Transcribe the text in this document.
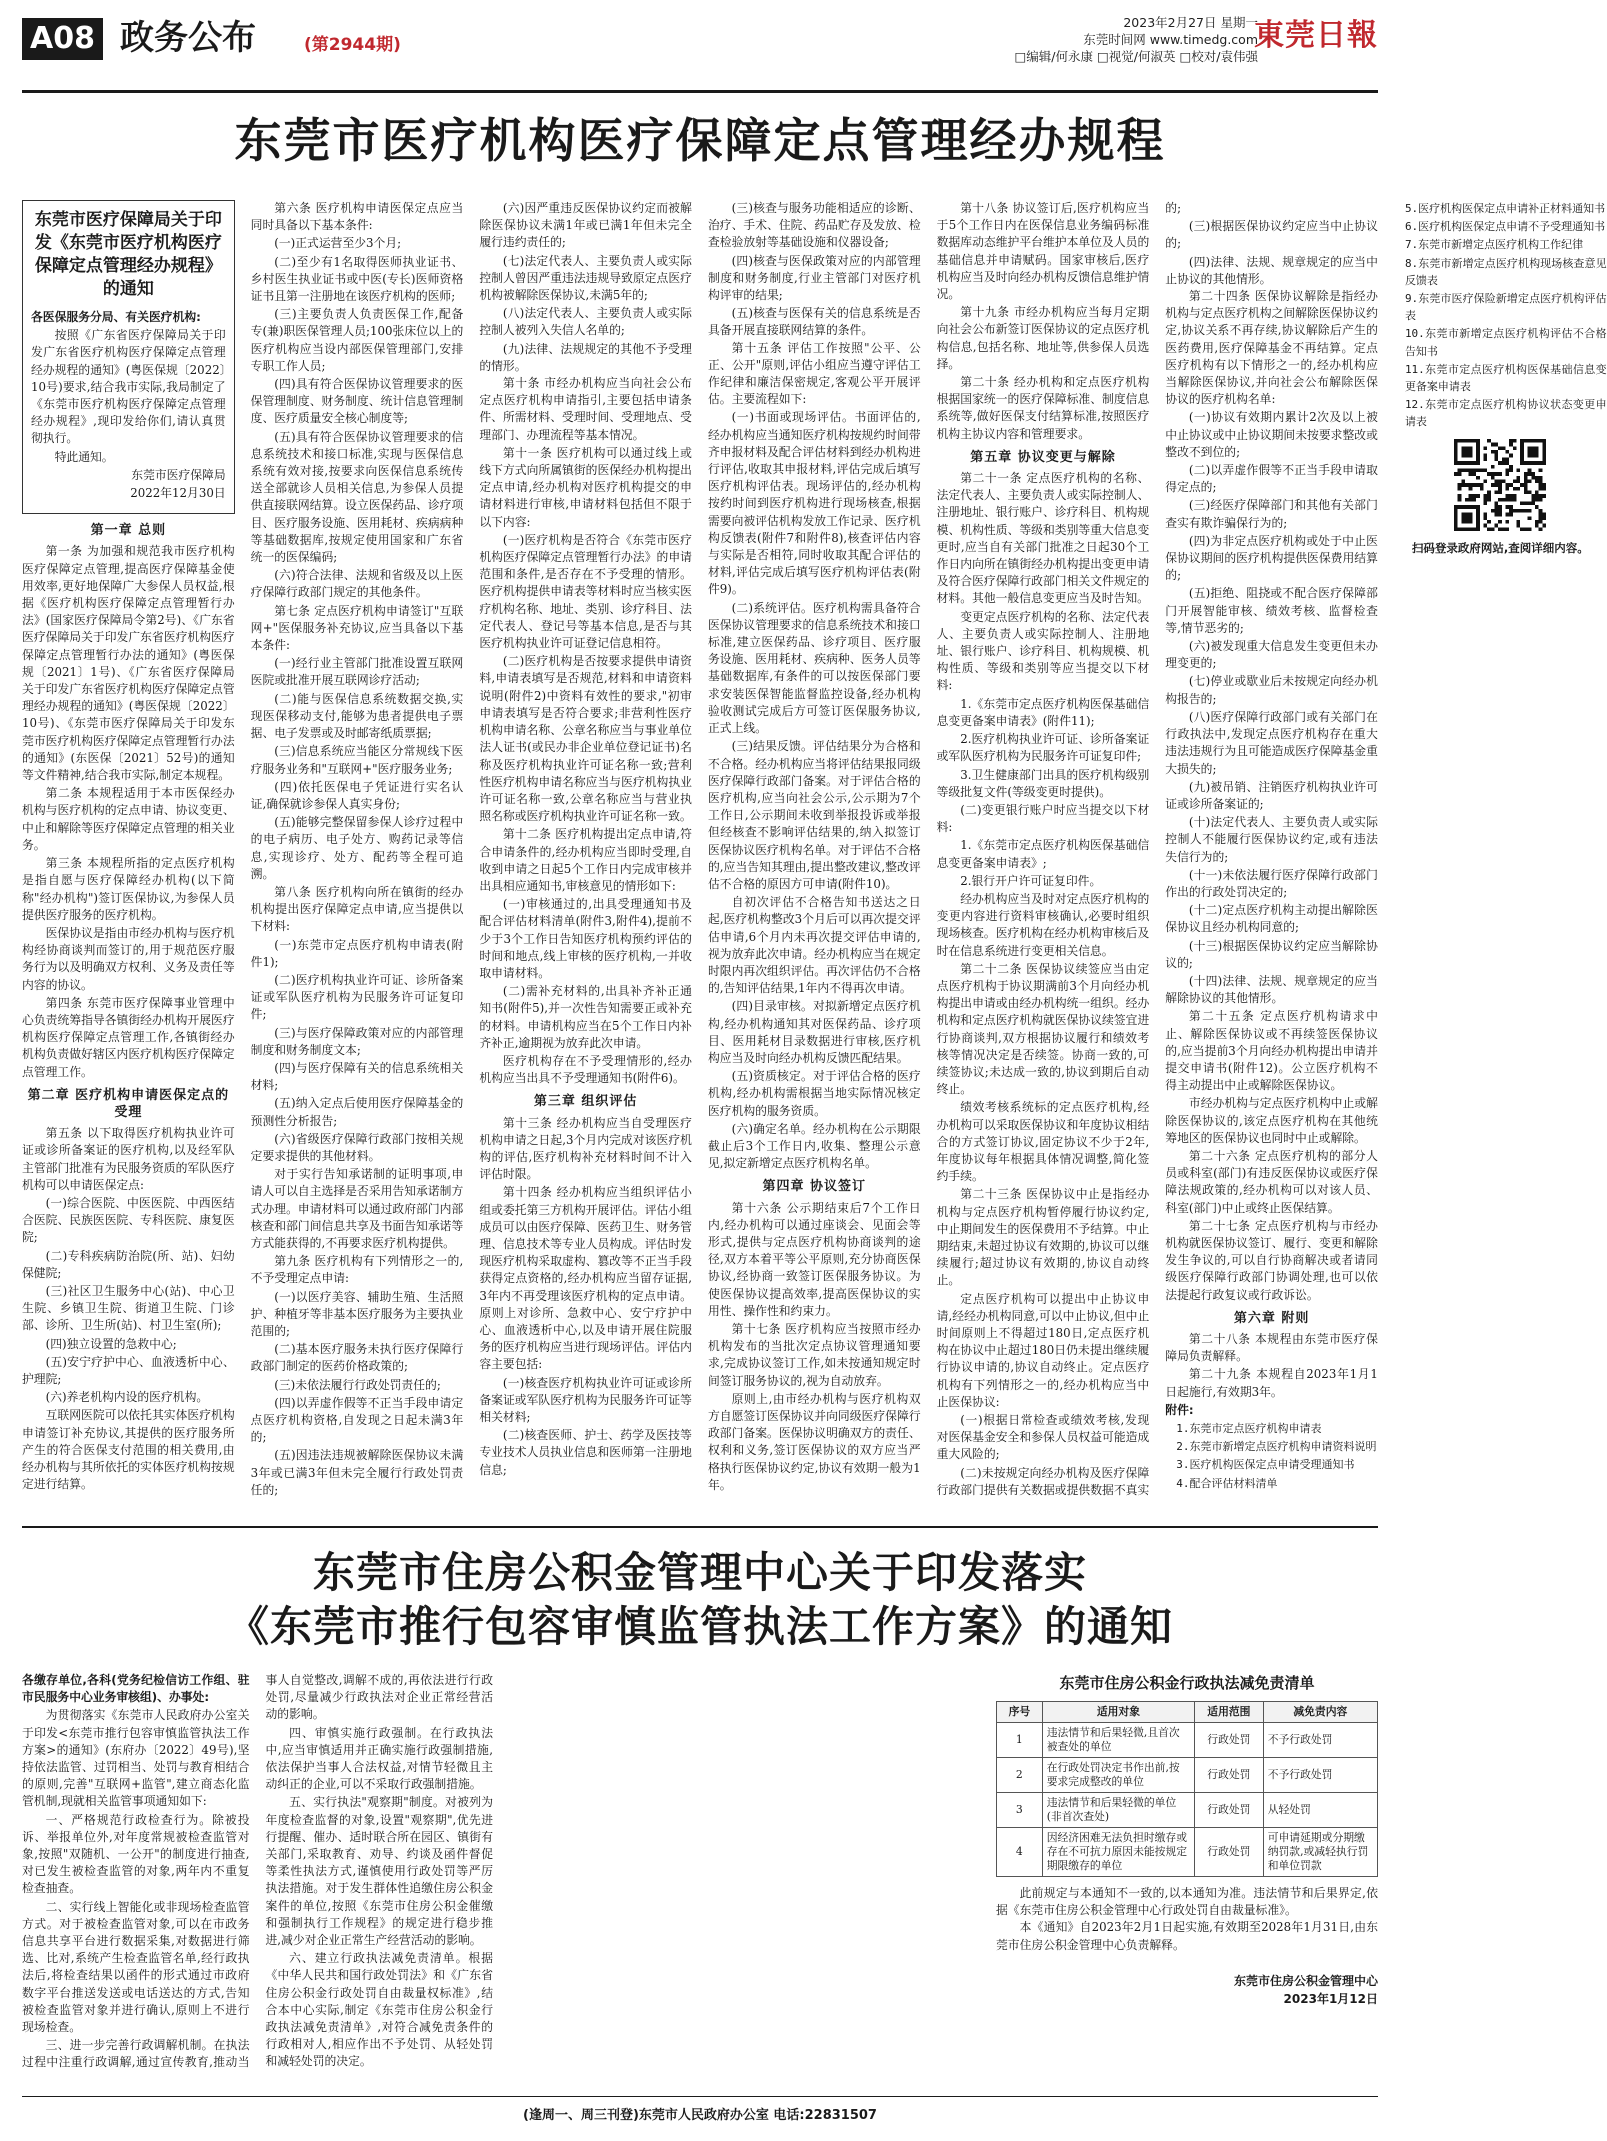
A08 政务公布	(第2944期)
2023年2月27日 星期一
东莞时间网 www.timedg.com
□编辑/何永康 □视觉/何淑英 □校对/袁伟强
東莞日報
东莞市医疗机构医疗保障定点管理经办规程
东莞市医疗保障局关于印发《东莞市医疗机构医疗保障定点管理经办规程》的通知

各医保服务分局、有关医疗机构:

按照《广东省医疗保障局关于印发广东省医疗机构医疗保障定点管理经办规程的通知》(粤医保规〔2022〕10号)要求,结合我市实际,我局制定了《东莞市医疗机构医疗保障定点管理经办规程》,现印发给你们,请认真贯彻执行。

特此通知。

东莞市医疗保障局

2022年12月30日

第一章 总则

第一条 为加强和规范我市医疗机构医疗保障定点管理,提高医疗保障基金使用效率,更好地保障广大参保人员权益,根据《医疗机构医疗保障定点管理暂行办法》(国家医疗保障局令第2号)、《广东省医疗保障局关于印发广东省医疗机构医疗保障定点管理暂行办法的通知》(粤医保规〔2021〕1号)、《广东省医疗保障局关于印发广东省医疗机构医疗保障定点管理经办规程的通知》(粤医保规〔2022〕10号)、《东莞市医疗保障局关于印发东莞市医疗机构医疗保障定点管理暂行办法的通知》(东医保〔2021〕52号)的通知等文件精神,结合我市实际,制定本规程。

第二条 本规程适用于本市医保经办机构与医疗机构的定点申请、协议变更、中止和解除等医疗保障定点管理的相关业务。

第三条 本规程所指的定点医疗机构是指自愿与医疗保障经办机构(以下简称"经办机构")签订医保协议,为参保人员提供医疗服务的医疗机构。

医保协议是指由市经办机构与医疗机构经协商谈判而签订的,用于规范医疗服务行为以及明确双方权利、义务及责任等内容的协议。

第四条 东莞市医疗保障事业管理中心负责统筹指导各镇街经办机构开展医疗机构医疗保障定点管理工作,各镇街经办机构负责做好辖区内医疗机构医疗保障定点管理工作。

第二章 医疗机构申请医保定点的受理

第五条 以下取得医疗机构执业许可证或诊所备案证的医疗机构,以及经军队主管部门批准有为民服务资质的军队医疗机构可以申请医保定点:

(一)综合医院、中医医院、中西医结合医院、民族医医院、专科医院、康复医院;

(二)专科疾病防治院(所、站)、妇幼保健院;

(三)社区卫生服务中心(站)、中心卫生院、乡镇卫生院、街道卫生院、门诊部、诊所、卫生所(站)、村卫生室(所);

(四)独立设置的急救中心;

(五)安宁疗护中心、血液透析中心、护理院;

(六)养老机构内设的医疗机构。

互联网医院可以依托其实体医疗机构申请签订补充协议,其提供的医疗服务所产生的符合医保支付范围的相关费用,由经办机构与其所依托的实体医疗机构按规定进行结算。

第六条 医疗机构申请医保定点应当同时具备以下基本条件:

(一)正式运营至少3个月;

(二)至少有1名取得医师执业证书、乡村医生执业证书或中医(专长)医师资格证书且第一注册地在该医疗机构的医师;

(三)主要负责人负责医保工作,配备专(兼)职医保管理人员;100张床位以上的医疗机构应当设内部医保管理部门,安排专职工作人员;

(四)具有符合医保协议管理要求的医保管理制度、财务制度、统计信息管理制度、医疗质量安全核心制度等;

(五)具有符合医保协议管理要求的信息系统技术和接口标准,实现与医保信息系统有效对接,按要求向医保信息系统传送全部就诊人员相关信息,为参保人员提供直接联网结算。设立医保药品、诊疗项目、医疗服务设施、医用耗材、疾病病种等基础数据库,按规定使用国家和广东省统一的医保编码;

(六)符合法律、法规和省级及以上医疗保障行政部门规定的其他条件。

第七条 定点医疗机构申请签订"互联网+"医保服务补充协议,应当具备以下基本条件:

(一)经行业主管部门批准设置互联网医院或批准开展互联网诊疗活动;

(二)能与医保信息系统数据交换,实现医保移动支付,能够为患者提供电子票据、电子发票或及时邮寄纸质票据;

(三)信息系统应当能区分常规线下医疗服务业务和"互联网+"医疗服务业务;

(四)依托医保电子凭证进行实名认证,确保就诊参保人真实身份;

(五)能够完整保留参保人诊疗过程中的电子病历、电子处方、购药记录等信息,实现诊疗、处方、配药等全程可追溯。

第八条 医疗机构向所在镇街的经办机构提出医疗保障定点申请,应当提供以下材料:

(一)东莞市定点医疗机构申请表(附件1);

(二)医疗机构执业许可证、诊所备案证或军队医疗机构为民服务许可证复印件;

(三)与医疗保障政策对应的内部管理制度和财务制度文本;

(四)与医疗保障有关的信息系统相关材料;

(五)纳入定点后使用医疗保障基金的预测性分析报告;

(六)省级医疗保障行政部门按相关规定要求提供的其他材料。

对于实行告知承诺制的证明事项,申请人可以自主选择是否采用告知承诺制方式办理。申请材料可以通过政府部门内部核查和部门间信息共享及书面告知承诺等方式能获得的,不再要求医疗机构提供。

第九条 医疗机构有下列情形之一的,不予受理定点申请:

(一)以医疗美容、辅助生殖、生活照护、种植牙等非基本医疗服务为主要执业范围的;

(二)基本医疗服务未执行医疗保障行政部门制定的医药价格政策的;

(三)未依法履行行政处罚责任的;

(四)以弄虚作假等不正当手段申请定点医疗机构资格,自发现之日起未满3年的;

(五)因违法违规被解除医保协议未满3年或已满3年但未完全履行行政处罚责任的;

(六)因严重违反医保协议约定而被解除医保协议未满1年或已满1年但未完全履行违约责任的;

(七)法定代表人、主要负责人或实际控制人曾因严重违法违规导致原定点医疗机构被解除医保协议,未满5年的;

(八)法定代表人、主要负责人或实际控制人被列入失信人名单的;

(九)法律、法规规定的其他不予受理的情形。

第十条 市经办机构应当向社会公布定点医疗机构申请指引,主要包括申请条件、所需材料、受理时间、受理地点、受理部门、办理流程等基本情况。

第十一条 医疗机构可以通过线上或线下方式向所属镇街的医保经办机构提出定点申请,经办机构对医疗机构提交的申请材料进行审核,申请材料包括但不限于以下内容:

(一)医疗机构是否符合《东莞市医疗机构医疗保障定点管理暂行办法》的申请范围和条件,是否存在不予受理的情形。医疗机构提供申请表等材料时应当核实医疗机构名称、地址、类别、诊疗科目、法定代表人、登记号等基本信息,是否与其医疗机构执业许可证登记信息相符。

(二)医疗机构是否按要求提供申请资料,申请表填写是否规范,材料和申请资料说明(附件2)中资料有效性的要求,"初审申请表填写是否符合要求;非营利性医疗机构申请名称、公章名称应当与事业单位法人证书(或民办非企业单位登记证书)名称及医疗机构执业许可证名称一致;营利性医疗机构申请名称应当与医疗机构执业许可证名称一致,公章名称应当与营业执照名称或医疗机构执业许可证名称一致。

第十二条 医疗机构提出定点申请,符合申请条件的,经办机构应当即时受理,自收到申请之日起5个工作日内完成审核并出具相应通知书,审核意见的情形如下:

(一)审核通过的,出具受理通知书及配合评估材料清单(附件3,附件4),提前不少于3个工作日告知医疗机构预约评估的时间和地点,线上审核的医疗机构,一并收取申请材料。

(二)需补充材料的,出具补齐补正通知书(附件5),并一次性告知需要正或补充的材料。申请机构应当在5个工作日内补齐补正,逾期视为放弃此次申请。

医疗机构存在不予受理情形的,经办机构应当出具不予受理通知书(附件6)。

第三章 组织评估

第十三条 经办机构应当自受理医疗机构申请之日起,3个月内完成对该医疗机构的评估,医疗机构补充材料时间不计入评估时限。

第十四条 经办机构应当组织评估小组或委托第三方机构开展评估。评估小组成员可以由医疗保障、医药卫生、财务管理、信息技术等专业人员构成。评估时发现医疗机构采取虚构、篡改等不正当手段获得定点资格的,经办机构应当留存证据,3年内不再受理该医疗机构的定点申请。原则上对诊所、急救中心、安宁疗护中心、血液透析中心,以及申请开展住院服务的医疗机构应当进行现场评估。评估内容主要包括:

(一)核查医疗机构执业许可证或诊所备案证或军队医疗机构为民服务许可证等相关材料;

(二)核查医师、护士、药学及医技等专业技术人员执业信息和医师第一注册地信息;

(三)核查与服务功能相适应的诊断、治疗、手术、住院、药品贮存及发放、检查检验放射等基础设施和仪器设备;

(四)核查与医保政策对应的内部管理制度和财务制度,行业主管部门对医疗机构评审的结果;

(五)核查与医保有关的信息系统是否具备开展直接联网结算的条件。

第十五条 评估工作按照"公平、公正、公开"原则,评估小组应当遵守评估工作纪律和廉洁保密规定,客观公平开展评估。主要流程如下:

(一)书面或现场评估。书面评估的,经办机构应当通知医疗机构按规约时间带齐申报材料及配合评估材料到经办机构进行评估,收取其申报材料,评估完成后填写医疗机构评估表。现场评估的,经办机构按约时间到医疗机构进行现场核查,根据需要向被评估机构发放工作记录、医疗机构反馈表(附件7和附件8),核查评估内容与实际是否相符,同时收取其配合评估的材料,评估完成后填写医疗机构评估表(附件9)。

(二)系统评估。医疗机构需具备符合医保协议管理要求的信息系统技术和接口标准,建立医保药品、诊疗项目、医疗服务设施、医用耗材、疾病种、医务人员等基础数据库,有条件的可以按医保部门要求安装医保智能监督监控设备,经办机构验收测试完成后方可签订医保服务协议,正式上线。

(三)结果反馈。评估结果分为合格和不合格。经办机构应当将评估结果报同级医疗保障行政部门备案。对于评估合格的医疗机构,应当向社会公示,公示期为7个工作日,公示期间未收到举报投诉或举报但经核查不影响评估结果的,纳入拟签订医保协议医疗机构名单。对于评估不合格的,应当告知其理由,提出整改建议,整改评估不合格的原因方可申请(附件10)。

自初次评估不合格告知书送达之日起,医疗机构整改3个月后可以再次提交评估申请,6个月内未再次提交评估申请的,视为放弃此次申请。经办机构应当在规定时限内再次组织评估。再次评估仍不合格的,告知评估结果,1年内不得再次申请。

(四)目录审核。对拟新增定点医疗机构,经办机构通知其对医保药品、诊疗项目、医用耗材目录数据进行审核,医疗机构应当及时向经办机构反馈匹配结果。

(五)资质核定。对于评估合格的医疗机构,经办机构需根据当地实际情况核定医疗机构的服务资质。

(六)确定名单。经办机构在公示期限截止后3个工作日内,收集、整理公示意见,拟定新增定点医疗机构名单。

第四章 协议签订

第十六条 公示期结束后7个工作日内,经办机构可以通过座谈会、见面会等形式,提供与定点医疗机构协商谈判的途径,双方本着平等公平原则,充分协商医保协议,经协商一致签订医保服务协议。为使医保协议提高效率,提高医保协议的实用性、操作性和约束力。

第十七条 医疗机构应当按照市经办机构发布的当批次定点协议管理通知要求,完成协议签订工作,如未按通知规定时间签订服务协议的,视为自动放弃。

原则上,由市经办机构与医疗机构双方自愿签订医保协议并向同级医疗保障行政部门备案。医保协议明确双方的责任、权利和义务,签订医保协议的双方应当严格执行医保协议约定,协议有效期一般为1年。

第十八条 协议签订后,医疗机构应当于5个工作日内在医保信息业务编码标准数据库动态维护平台维护本单位及人员的基础信息并申请赋码。国家审核后,医疗机构应当及时向经办机构反馈信息维护情况。

第十九条 市经办机构应当每月定期向社会公布新签订医保协议的定点医疗机构信息,包括名称、地址等,供参保人员选择。

第二十条 经办机构和定点医疗机构根据国家统一的医疗保障标准、制度信息系统等,做好医保支付结算标准,按照医疗机构主协议内容和管理要求。

第五章 协议变更与解除

第二十一条 定点医疗机构的名称、法定代表人、主要负责人或实际控制人、注册地址、银行账户、诊疗科目、机构规模、机构性质、等级和类别等重大信息变更时,应当自有关部门批准之日起30个工作日内向所在镇街经办机构提出变更申请及符合医疗保障行政部门相关文件规定的材料。其他一般信息变更应当及时告知。

变更定点医疗机构的名称、法定代表人、主要负责人或实际控制人、注册地址、银行账户、诊疗科目、机构规模、机构性质、等级和类别等应当提交以下材料:

1.《东莞市定点医疗机构医保基础信息变更备案申请表》(附件11);

2.医疗机构执业许可证、诊所备案证或军队医疗机构为民服务许可证复印件;

3.卫生健康部门出具的医疗机构级别等级批复文件(等级变更时提供)。

(二)变更银行账户时应当提交以下材料:

1.《东莞市定点医疗机构医保基础信息变更备案申请表》;

2.银行开户许可证复印件。

经办机构应当及时对定点医疗机构的变更内容进行资料审核确认,必要时组织现场核查。医疗机构在经办机构审核后及时在信息系统进行变更相关信息。

第二十二条 医保协议续签应当由定点医疗机构于协议期满前3个月向经办机构提出申请或由经办机构统一组织。经办机构和定点医疗机构就医保协议续签宜进行协商谈判,双方根据协议履行和绩效考核等情况决定是否续签。协商一致的,可续签协议;未达成一致的,协议到期后自动终止。

绩效考核系统标的定点医疗机构,经办机构可以采取医保协议和年度协议相结合的方式签订协议,固定协议不少于2年,年度协议每年根据具体情况调整,简化签约手续。

第二十三条 医保协议中止是指经办机构与定点医疗机构暂停履行协议约定,中止期间发生的医保费用不予结算。中止期结束,未超过协议有效期的,协议可以继续履行;超过协议有效期的,协议自动终止。

定点医疗机构可以提出中止协议申请,经经办机构同意,可以中止协议,但中止时间原则上不得超过180日,定点医疗机构在协议中止超过180日仍未提出继续履行协议申请的,协议自动终止。定点医疗机构有下列情形之一的,经办机构应当中止医保协议:

(一)根据日常检查或绩效考核,发现对医保基金安全和参保人员权益可能造成重大风险的;

(二)未按规定向经办机构及医疗保障行政部门提供有关数据或提供数据不真实的;

(三)根据医保协议约定应当中止协议的;

(四)法律、法规、规章规定的应当中止协议的其他情形。

第二十四条 医保协议解除是指经办机构与定点医疗机构之间解除医保协议约定,协议关系不再存续,协议解除后产生的医药费用,医疗保障基金不再结算。定点医疗机构有以下情形之一的,经办机构应当解除医保协议,并向社会公布解除医保协议的医疗机构名单:

(一)协议有效期内累计2次及以上被中止协议或中止协议期间未按要求整改或整改不到位的;

(二)以弄虚作假等不正当手段申请取得定点的;

(三)经医疗保障部门和其他有关部门查实有欺诈骗保行为的;

(四)为非定点医疗机构或处于中止医保协议期间的医疗机构提供医保费用结算的;

(五)拒绝、阻挠或不配合医疗保障部门开展智能审核、绩效考核、监督检查等,情节恶劣的;

(六)被发现重大信息发生变更但未办理变更的;

(七)停业或歇业后未按规定向经办机构报告的;

(八)医疗保障行政部门或有关部门在行政执法中,发现定点医疗机构存在重大违法违规行为且可能造成医疗保障基金重大损失的;

(九)被吊销、注销医疗机构执业许可证或诊所备案证的;

(十)法定代表人、主要负责人或实际控制人不能履行医保协议约定,或有违法失信行为的;

(十一)未依法履行医疗保障行政部门作出的行政处罚决定的;

(十二)定点医疗机构主动提出解除医保协议且经办机构同意的;

(十三)根据医保协议约定应当解除协议的;

(十四)法律、法规、规章规定的应当解除协议的其他情形。

第二十五条 定点医疗机构请求中止、解除医保协议或不再续签医保协议的,应当提前3个月向经办机构提出申请并提交申请书(附件12)。公立医疗机构不得主动提出中止或解除医保协议。

市经办机构与定点医疗机构中止或解除医保协议的,该定点医疗机构在其他统筹地区的医保协议也同时中止或解除。

第二十六条 定点医疗机构的部分人员或科室(部门)有违反医保协议或医疗保障法规政策的,经办机构可以对该人员、科室(部门)中止或终止医保结算。

第二十七条 定点医疗机构与市经办机构就医保协议签订、履行、变更和解除发生争议的,可以自行协商解决或者请同级医疗保障行政部门协调处理,也可以依法提起行政复议或行政诉讼。

第六章 附则

第二十八条 本规程由东莞市医疗保障局负责解释。

第二十九条 本规程自2023年1月1日起施行,有效期3年。

附件:

1.东莞市定点医疗机构申请表

2.东莞市新增定点医疗机构申请资料说明

3.医疗机构医保定点申请受理通知书

4.配合评估材料清单

5.医疗机构医保定点申请补正材料通知书

6.医疗机构医保定点申请不予受理通知书

7.东莞市新增定点医疗机构工作纪律

8.东莞市新增定点医疗机构现场核查意见反馈表

9.东莞市医疗保险新增定点医疗机构评估表

10.东莞市新增定点医疗机构评估不合格告知书

11.东莞市定点医疗机构医保基础信息变更备案申请表

12.东莞市定点医疗机构协议状态变更申请表

扫码登录政府网站,查阅详细内容。
东莞市住房公积金管理中心关于印发落实
《东莞市推行包容审慎监管执法工作方案》的通知

各缴存单位,各科(党务纪检信访工作组、驻市民服务中心业务审核组)、办事处:

为贯彻落实《东莞市人民政府办公室关于印发<东莞市推行包容审慎监管执法工作方案>的通知》(东府办〔2022〕49号),坚持依法监管、过罚相当、处罚与教育相结合的原则,完善"互联网+监管",建立商态化监管机制,现就相关监管事项通知如下:

一、严格规范行政检查行为。除被投诉、举报单位外,对年度常规被检查监管对象,按照"双随机、一公开"的制度进行抽查,对已发生被检查监管的对象,两年内不重复检查抽查。

二、实行线上智能化或非现场检查监管方式。对于被检查监管对象,可以在市政务信息共享平台进行数据采集,对数据进行筛选、比对,系统产生检查监管名单,经行政执法后,将检查结果以函件的形式通过市政府数字平台推送发送或电话送达的方式,告知被检查监管对象并进行确认,原则上不进行现场检查。

三、进一步完善行政调解机制。在执法过程中注重行政调解,通过宣传教育,推动当事人自觉整改,调解不成的,再依法进行行政处罚,尽量减少行政执法对企业正常经营活动的影响。

四、审慎实施行政强制。在行政执法中,应当审慎适用并正确实施行政强制措施,依法保护当事人合法权益,对情节轻微且主动纠正的企业,可以不采取行政强制措施。

五、实行执法"观察期"制度。对被列为年度检查监督的对象,设置"观察期",优先进行提醒、催办、适时联合所在园区、镇街有关部门,采取教育、劝导、约谈及函件督促等柔性执法方式,谨慎使用行政处罚等严厉执法措施。对于发生群体性追缴住房公积金案件的单位,按照《东莞市住房公积金催缴和强制执行工作规程》的规定进行稳步推进,减少对企业正常生产经营活动的影响。

六、建立行政执法减免责清单。根据《中华人民共和国行政处罚法》和《广东省住房公积金行政处罚自由裁量权标准》,结合本中心实际,制定《东莞市住房公积金行政执法减免责清单》,对符合减免责条件的行政相对人,相应作出不予处罚、从轻处罚和减轻处罚的决定。

东莞市住房公积金行政执法减免责清单
序号	适用对象	适用范围	减免责内容
1	违法情节和后果轻微,且首次被查处的单位	行政处罚	不予行政处罚
2	在行政处罚决定书作出前,按要求完成整改的单位	行政处罚	不予行政处罚
3	违法情节和后果轻微的单位(非首次查处)	行政处罚	从轻处罚
4	因经济困难无法负担时缴存或存在不可抗力原因未能按规定期限缴存的单位	行政处罚	可申请延期或分期缴纳罚款,或减轻执行罚和单位罚款

此前规定与本通知不一致的,以本通知为准。违法情节和后果界定,依据《东莞市住房公积金管理中心行政处罚自由裁量标准》。

本《通知》自2023年2月1日起实施,有效期至2028年1月31日,由东莞市住房公积金管理中心负责解释。

东莞市住房公积金管理中心
2023年1月12日
(逢周一、周三刊登)东莞市人民政府办公室 电话:22831507
